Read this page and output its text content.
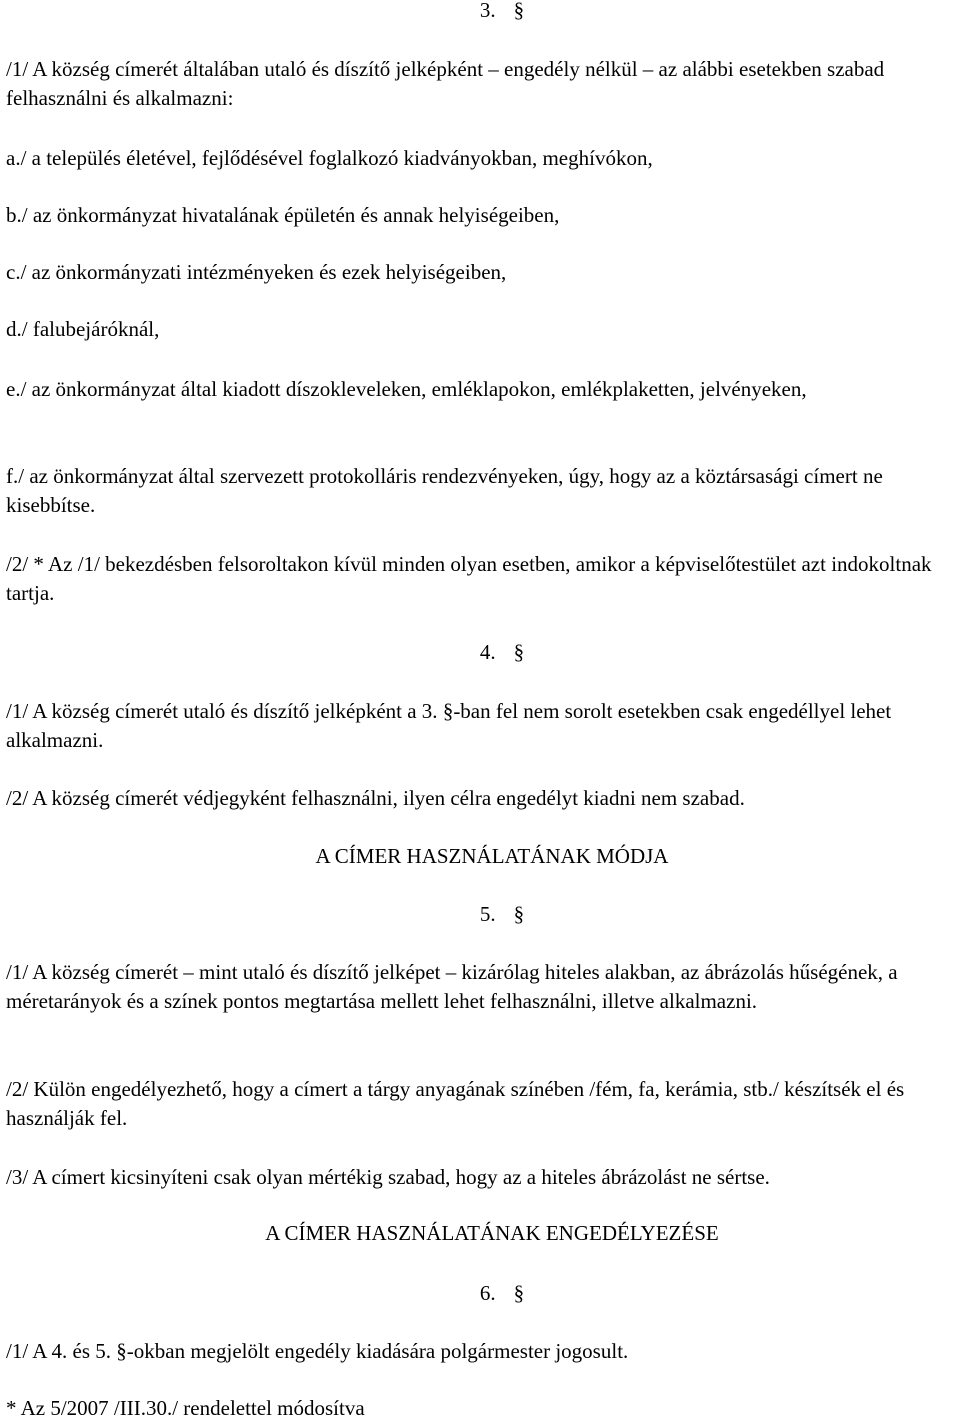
3. §

/1/ A község címerét általában utaló és díszítő jelképként – engedély nélkül – az alábbi esetekben szabad felhasználni és alkalmazni:

a./ a település életével, fejlődésével foglalkozó kiadványokban, meghívókon,

b./ az önkormányzat hivatalának épületén és annak helyiségeiben,

c./ az önkormányzati intézményeken és ezek helyiségeiben,

d./ falubejáróknál,

e./ az önkormányzat által kiadott díszokleveleken, emléklapokon, emlékplaketten, jelvényeken,

f./ az önkormányzat által szervezett protokolláris rendezvényeken, úgy, hogy az a köztársasági címert ne kisebbítse.

/2/ * Az /1/ bekezdésben felsoroltakon kívül minden olyan esetben, amikor a képviselőtestület azt indokoltnak tartja.

4. §

/1/ A község címerét utaló és díszítő jelképként a 3. §-ban fel nem sorolt esetekben csak engedéllyel lehet alkalmazni.

/2/ A község címerét védjegyként felhasználni, ilyen célra engedélyt kiadni nem szabad.

A CÍMER HASZNÁLATÁNAK MÓDJA

5. §

/1/ A község címerét – mint utaló és díszítő jelképet – kizárólag hiteles alakban, az ábrázolás hűségének, a méretarányok és a színek pontos megtartása mellett lehet felhasználni, illetve alkalmazni.

/2/ Külön engedélyezhető, hogy a címert a tárgy anyagának színében /fém, fa, kerámia, stb./ készítsék el és használják fel.

/3/ A címert kicsinyíteni csak olyan mértékig szabad, hogy az a hiteles ábrázolást ne sértse.

A CÍMER HASZNÁLATÁNAK ENGEDÉLYEZÉSE

6. §

/1/ A 4. és 5. §-okban megjelölt engedély kiadására polgármester jogosult.

* Az 5/2007 /III.30./ rendelettel módosítva
